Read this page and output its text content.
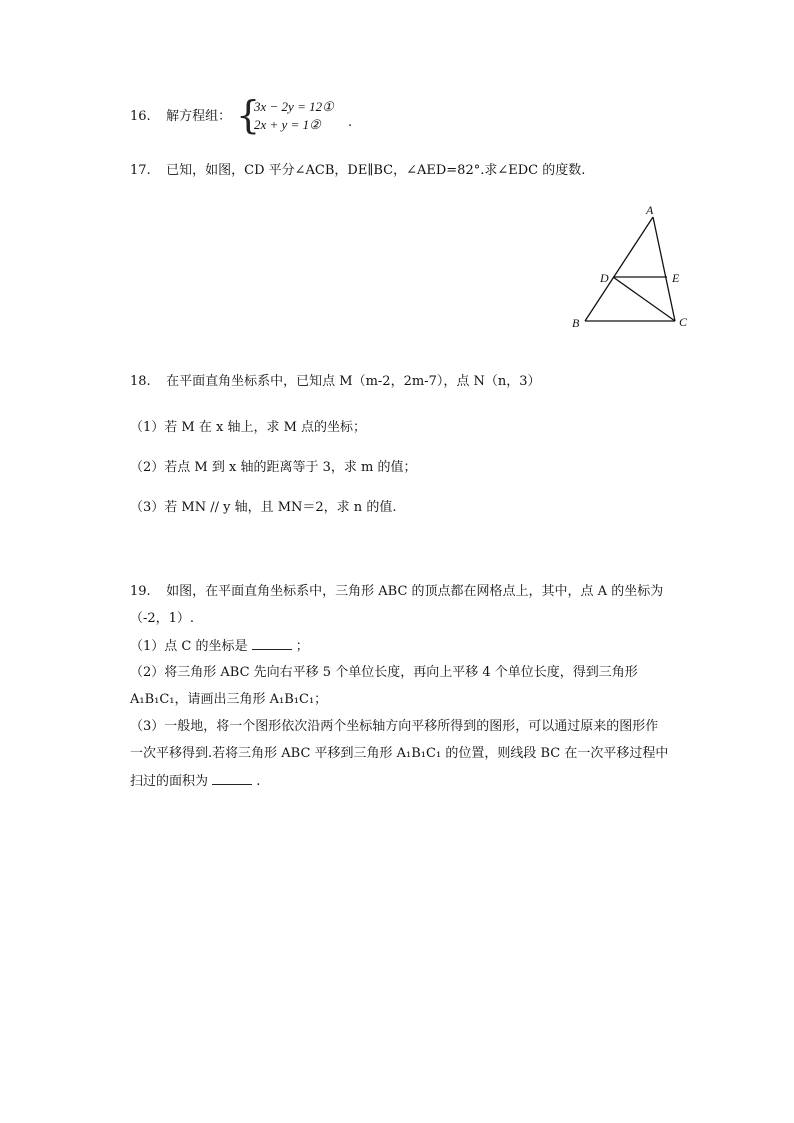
16. 解方程组： {
3x − 2y = 12①
2x + y = 1② .
17. 已知，如图，CD 平分∠ACB，DE∥BC，∠AED=82°.求∠EDC 的度数.
A
D	E
B	C
18. 在平面直角坐标系中，已知点 M（m-2，2m-7），点 N（n，3）
（1）若 M 在 x 轴上，求 M 点的坐标；
（2）若点 M 到 x 轴的距离等于 3，求 m 的值；
（3）若 MN // y 轴，且 MN＝2，求 n 的值.
19. 如图，在平面直角坐标系中，三角形 ABC 的顶点都在网格点上，其中，点 A 的坐标为
（-2，1）.
（1）点 C 的坐标是	；
（2）将三角形 ABC 先向右平移 5 个单位长度，再向上平移 4 个单位长度，得到三角形
A₁B₁C₁，请画出三角形 A₁B₁C₁；
（3）一般地，将一个图形依次沿两个坐标轴方向平移所得到的图形，可以通过原来的图形作
一次平移得到.若将三角形 ABC 平移到三角形 A₁B₁C₁ 的位置，则线段 BC 在一次平移过程中
扫过的面积为	.
